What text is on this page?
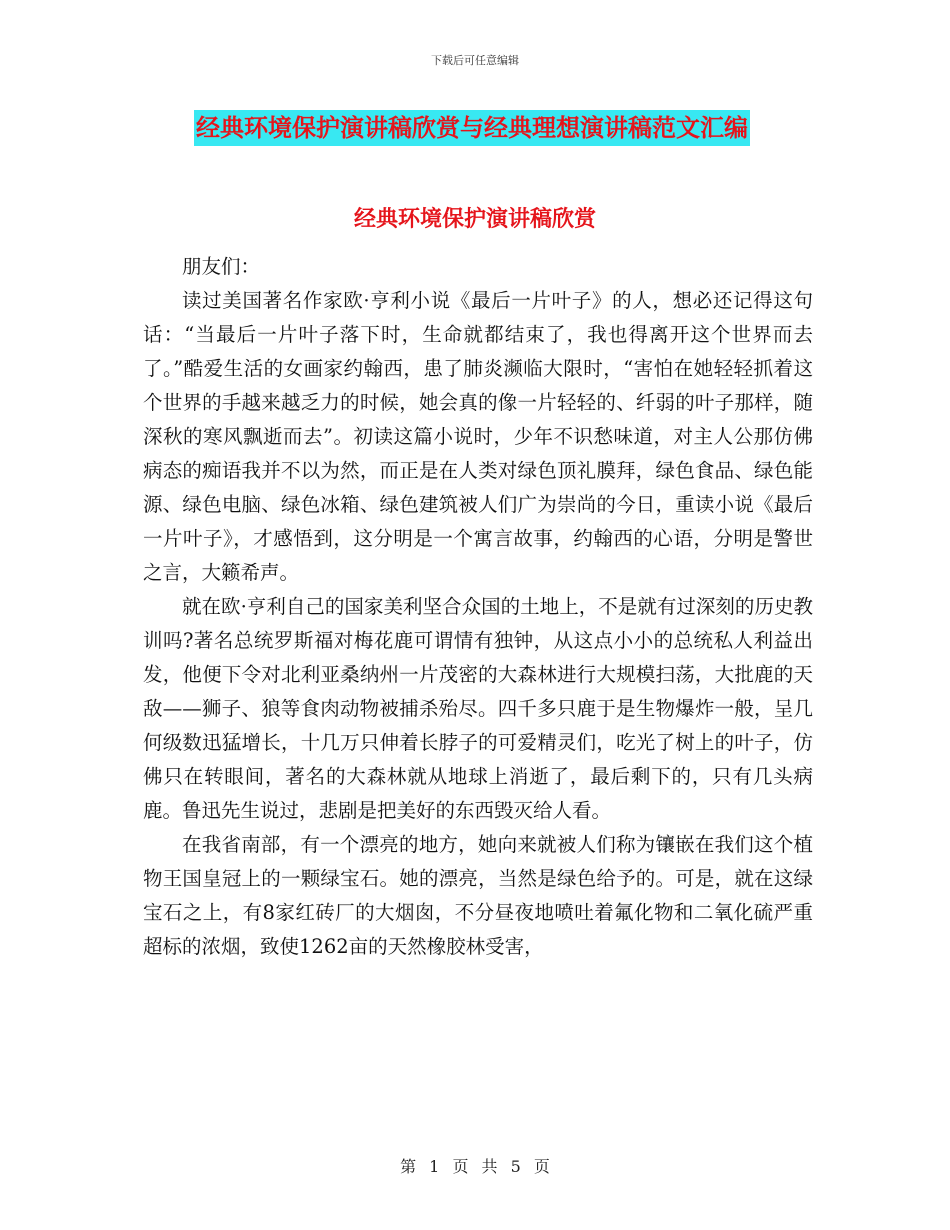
下载后可任意编辑
经典环境保护演讲稿欣赏与经典理想演讲稿范文汇编
经典环境保护演讲稿欣赏

朋友们：

读过美国著名作家欧·亨利小说《最后一片叶子》的人，想必还记得这句话：“当最后一片叶子落下时，生命就都结束了，我也得离开这个世界而去了。”酷爱生活的女画家约翰西，患了肺炎濒临大限时，“害怕在她轻轻抓着这个世界的手越来越乏力的时候，她会真的像一片轻轻的、纤弱的叶子那样，随深秋的寒风飘逝而去”。初读这篇小说时，少年不识愁味道，对主人公那仿佛病态的痴语我并不以为然，而正是在人类对绿色顶礼膜拜，绿色食品、绿色能源、绿色电脑、绿色冰箱、绿色建筑被人们广为崇尚的今日，重读小说《最后一片叶子》，才感悟到，这分明是一个寓言故事，约翰西的心语，分明是警世之言，大籁希声。

就在欧·亨利自己的国家美利坚合众国的土地上，不是就有过深刻的历史教训吗?著名总统罗斯福对梅花鹿可谓情有独钟，从这点小小的总统私人利益出发，他便下令对北利亚桑纳州一片茂密的大森林进行大规模扫荡，大批鹿的天敌——狮子、狼等食肉动物被捕杀殆尽。四千多只鹿于是生物爆炸一般，呈几何级数迅猛增长，十几万只伸着长脖子的可爱精灵们，吃光了树上的叶子，仿佛只在转眼间，著名的大森林就从地球上消逝了，最后剩下的，只有几头病鹿。鲁迅先生说过，悲剧是把美好的东西毁灭给人看。

在我省南部，有一个漂亮的地方，她向来就被人们称为镶嵌在我们这个植物王国皇冠上的一颗绿宝石。她的漂亮，当然是绿色给予的。可是，就在这绿宝石之上，有8家红砖厂的大烟囱，不分昼夜地喷吐着氟化物和二氧化硫严重超标的浓烟，致使1262亩的天然橡胶林受害，

第 1 页 共 5 页
